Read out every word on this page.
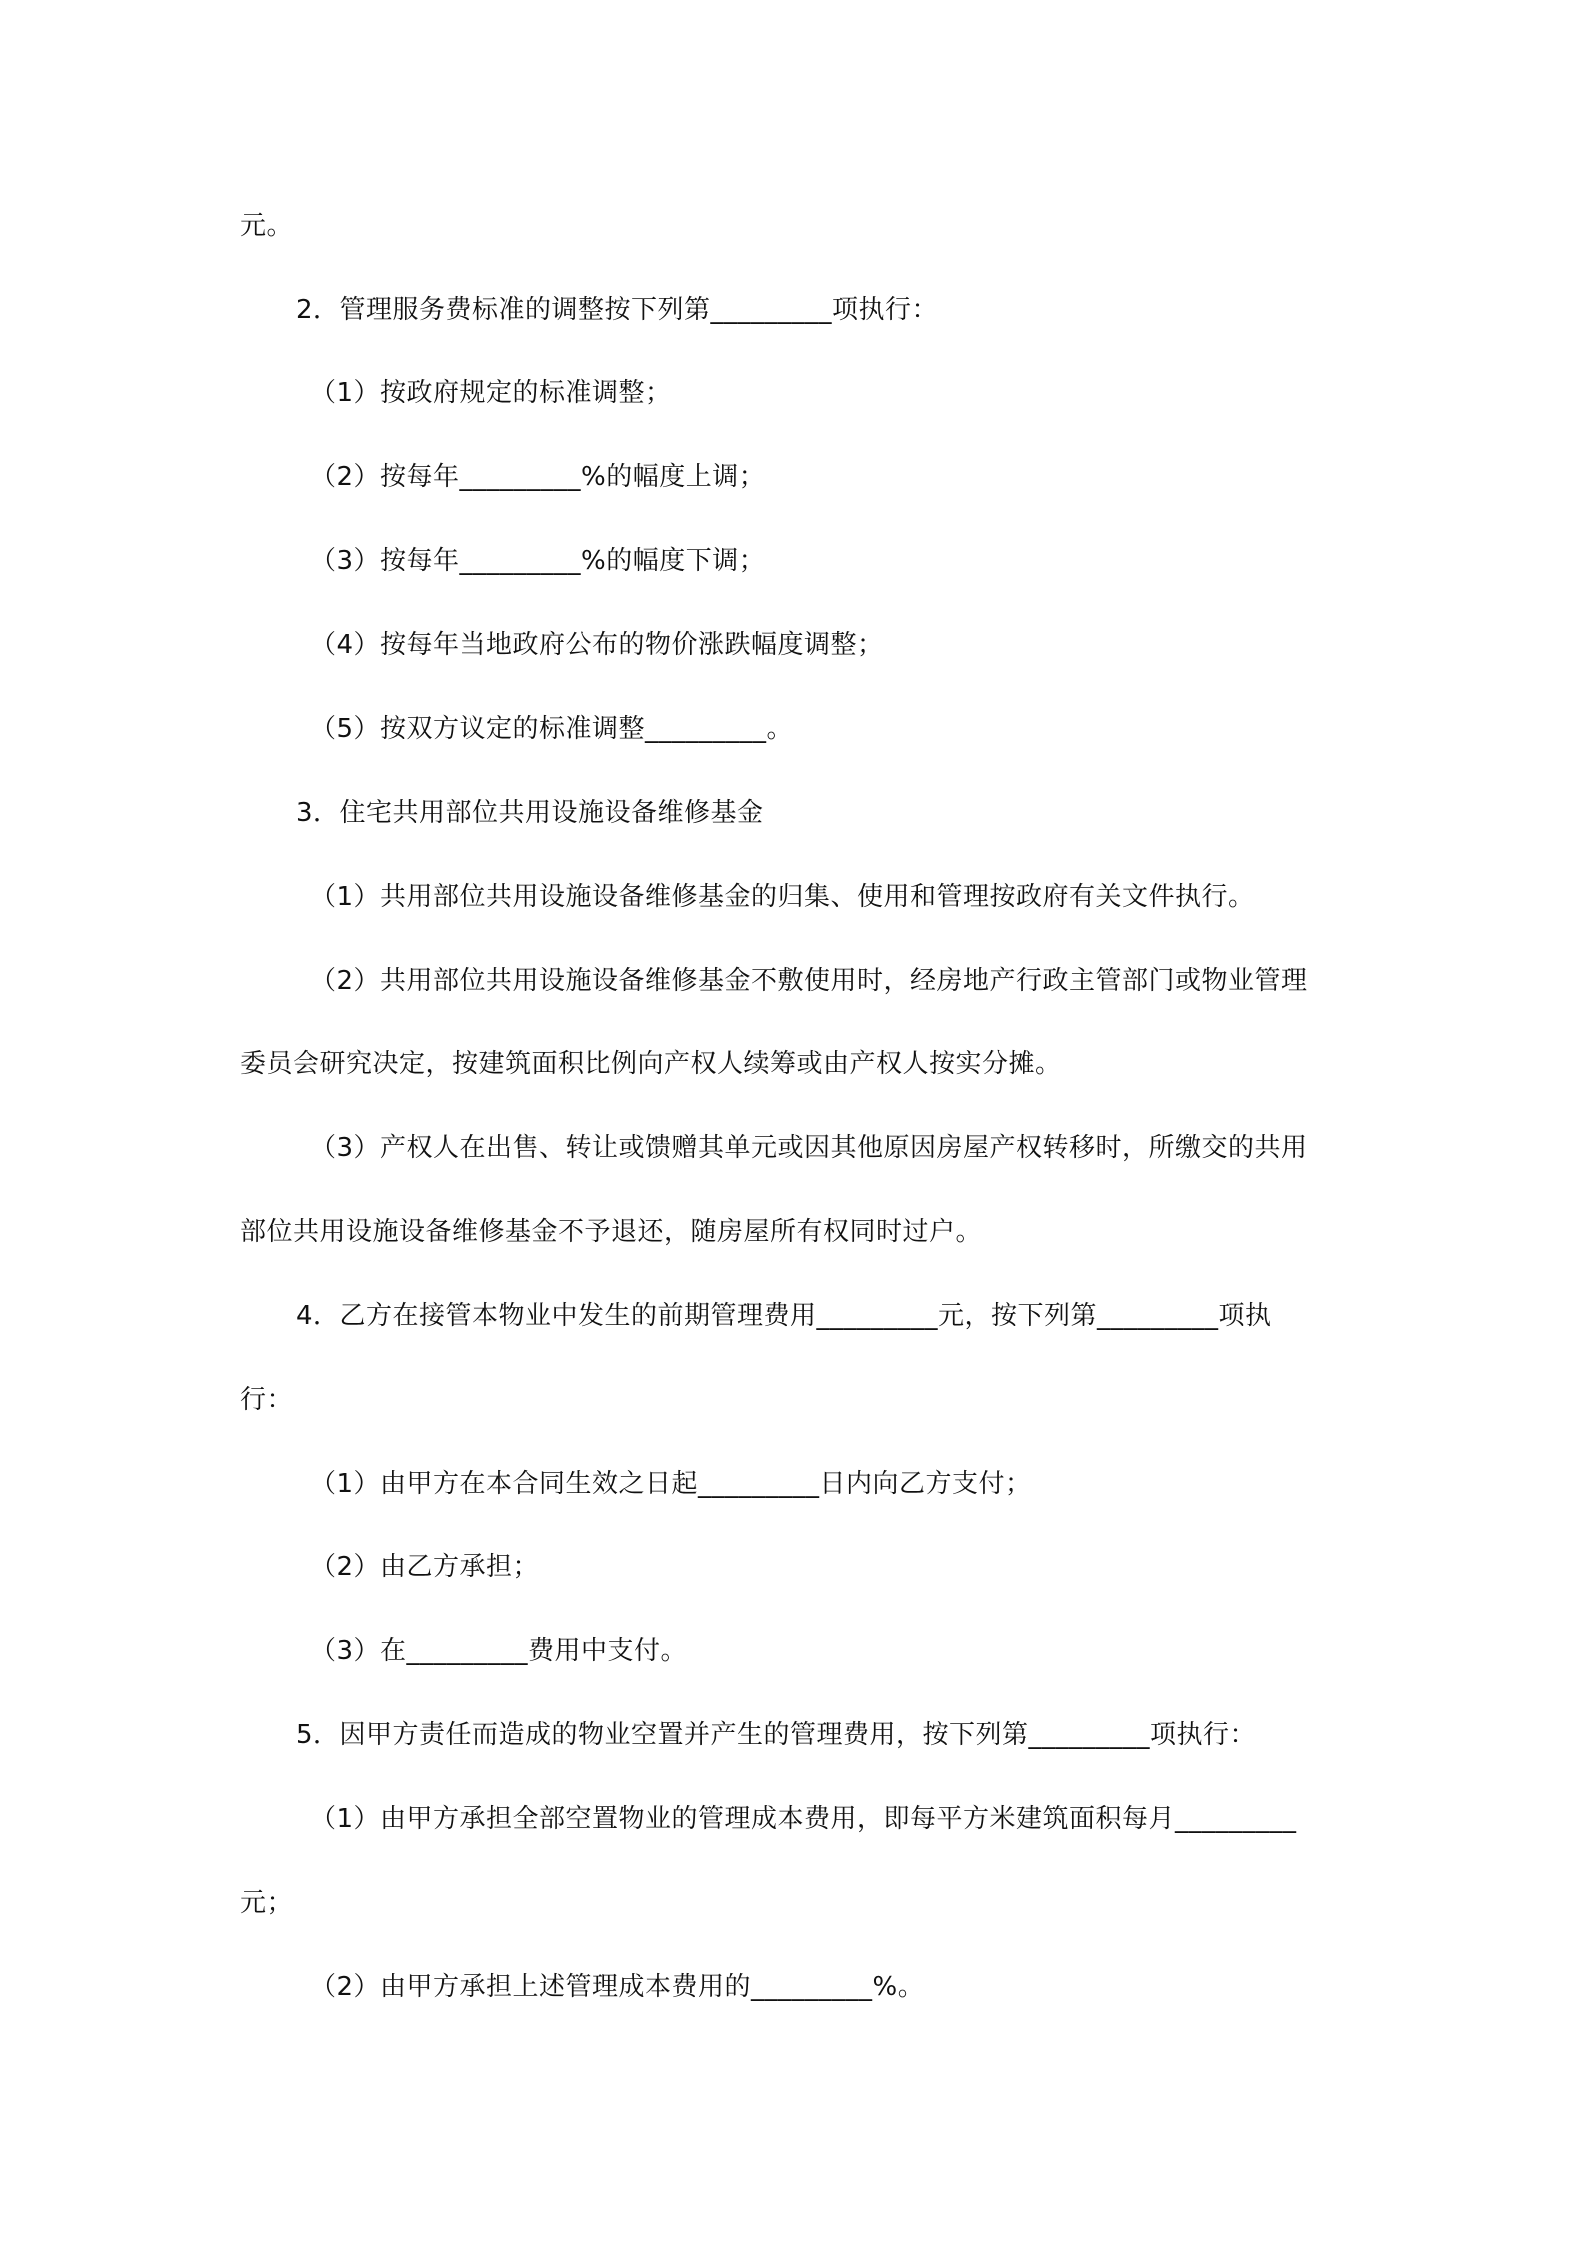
元。
2．管理服务费标准的调整按下列第_________项执行：
（1）按政府规定的标准调整；
（2）按每年_________%的幅度上调；
（3）按每年_________%的幅度下调；
（4）按每年当地政府公布的物价涨跌幅度调整；
（5）按双方议定的标准调整_________。
3．住宅共用部位共用设施设备维修基金
（1）共用部位共用设施设备维修基金的归集、使用和管理按政府有关文件执行。
（2）共用部位共用设施设备维修基金不敷使用时，经房地产行政主管部门或物业管理
委员会研究决定，按建筑面积比例向产权人续筹或由产权人按实分摊。
（3）产权人在出售、转让或馈赠其单元或因其他原因房屋产权转移时，所缴交的共用
部位共用设施设备维修基金不予退还，随房屋所有权同时过户。
4．乙方在接管本物业中发生的前期管理费用_________元，按下列第_________项执
行：
（1）由甲方在本合同生效之日起_________日内向乙方支付；
（2）由乙方承担；
（3）在_________费用中支付。
5．因甲方责任而造成的物业空置并产生的管理费用，按下列第_________项执行：
（1）由甲方承担全部空置物业的管理成本费用，即每平方米建筑面积每月_________
元；
（2）由甲方承担上述管理成本费用的_________%。
